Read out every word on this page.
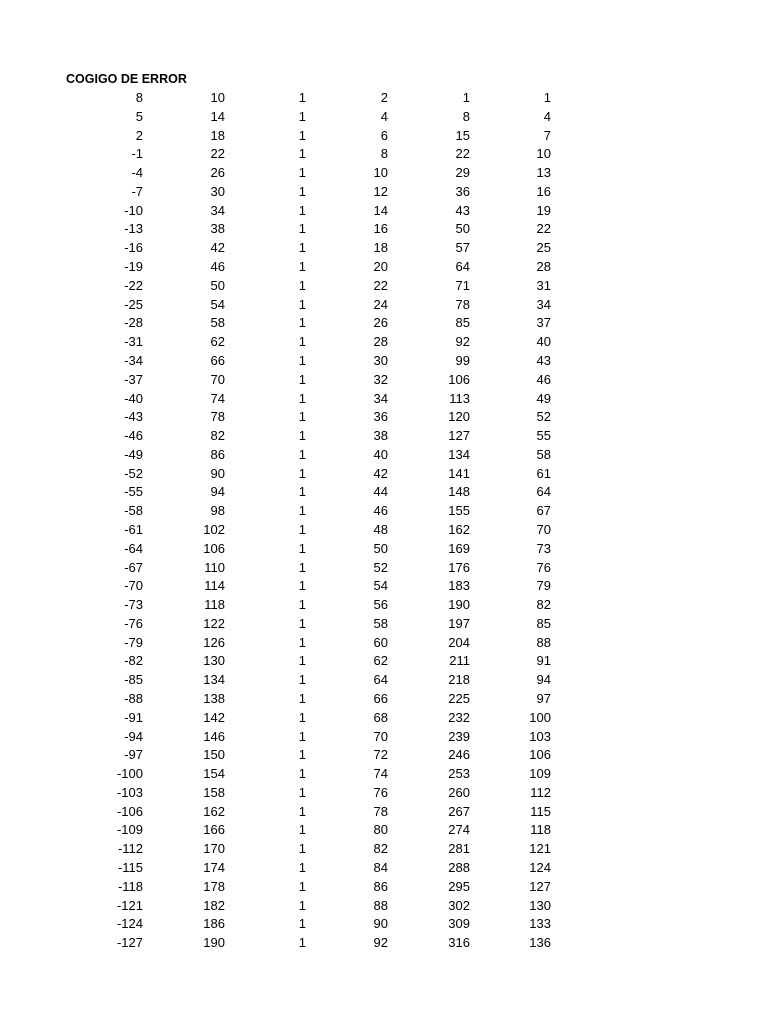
COGIGO DE ERROR
8	10	1	2	1	1
5	14	1	4	8	4
2	18	1	6	15	7
-1	22	1	8	22	10
-4	26	1	10	29	13
-7	30	1	12	36	16
-10	34	1	14	43	19
-13	38	1	16	50	22
-16	42	1	18	57	25
-19	46	1	20	64	28
-22	50	1	22	71	31
-25	54	1	24	78	34
-28	58	1	26	85	37
-31	62	1	28	92	40
-34	66	1	30	99	43
-37	70	1	32	106	46
-40	74	1	34	113	49
-43	78	1	36	120	52
-46	82	1	38	127	55
-49	86	1	40	134	58
-52	90	1	42	141	61
-55	94	1	44	148	64
-58	98	1	46	155	67
-61	102	1	48	162	70
-64	106	1	50	169	73
-67	110	1	52	176	76
-70	114	1	54	183	79
-73	118	1	56	190	82
-76	122	1	58	197	85
-79	126	1	60	204	88
-82	130	1	62	211	91
-85	134	1	64	218	94
-88	138	1	66	225	97
-91	142	1	68	232	100
-94	146	1	70	239	103
-97	150	1	72	246	106
-100	154	1	74	253	109
-103	158	1	76	260	112
-106	162	1	78	267	115
-109	166	1	80	274	118
-112	170	1	82	281	121
-115	174	1	84	288	124
-118	178	1	86	295	127
-121	182	1	88	302	130
-124	186	1	90	309	133
-127	190	1	92	316	136
